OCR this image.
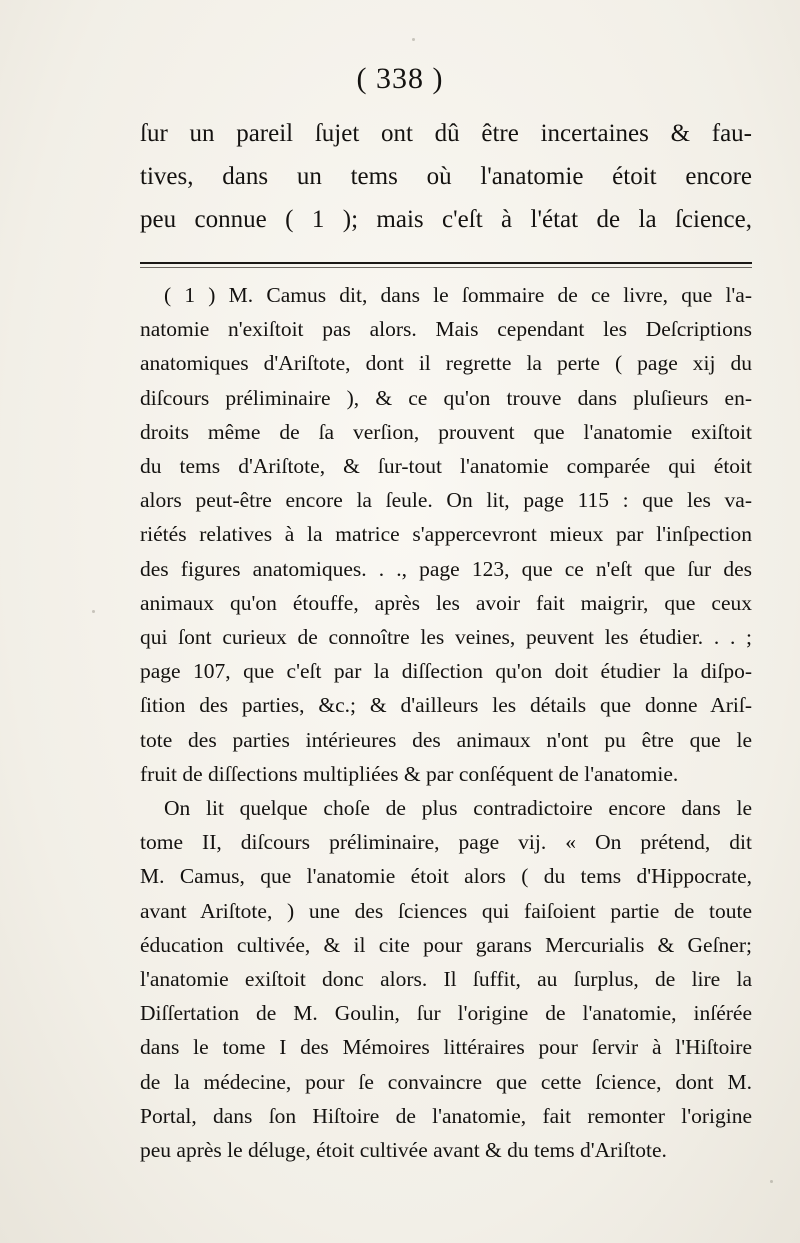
( 338 )
ſur un pareil ſujet ont dû être incertaines & fau-
tives, dans un tems où l'anatomie étoit encore
peu connue ( 1 ); mais c'eſt à l'état de la ſcience,
( 1 ) M. Camus dit, dans le ſommaire de ce livre, que l'a-
natomie n'exiſtoit pas alors. Mais cependant les Deſcriptions
anatomiques d'Ariſtote, dont il regrette la perte ( page xij du
diſcours préliminaire ), & ce qu'on trouve dans pluſieurs en-
droits même de ſa verſion, prouvent que l'anatomie exiſtoit
du tems d'Ariſtote, & ſur-tout l'anatomie comparée qui étoit
alors peut-être encore la ſeule. On lit, page 115 : que les va-
riétés relatives à la matrice s'appercevront mieux par l'inſpection
des figures anatomiques. . ., page 123, que ce n'eſt que ſur des
animaux qu'on étouffe, après les avoir fait maigrir, que ceux
qui ſont curieux de connoître les veines, peuvent les étudier. . . ;
page 107, que c'eſt par la diſſection qu'on doit étudier la diſpo-
ſition des parties, &c.; & d'ailleurs les détails que donne Ariſ-
tote des parties intérieures des animaux n'ont pu être que le
fruit de diſſections multipliées & par conſéquent de l'anatomie.
On lit quelque choſe de plus contradictoire encore dans le
tome II, diſcours préliminaire, page vij. « On prétend, dit
M. Camus, que l'anatomie étoit alors ( du tems d'Hippocrate,
avant Ariſtote, ) une des ſciences qui faiſoient partie de toute
éducation cultivée, & il cite pour garans Mercurialis & Geſner;
l'anatomie exiſtoit donc alors. Il ſuffit, au ſurplus, de lire la
Diſſertation de M. Goulin, ſur l'origine de l'anatomie, inſérée
dans le tome I des Mémoires littéraires pour ſervir à l'Hiſtoire
de la médecine, pour ſe convaincre que cette ſcience, dont M.
Portal, dans ſon Hiſtoire de l'anatomie, fait remonter l'origine
peu après le déluge, étoit cultivée avant & du tems d'Ariſtote.
